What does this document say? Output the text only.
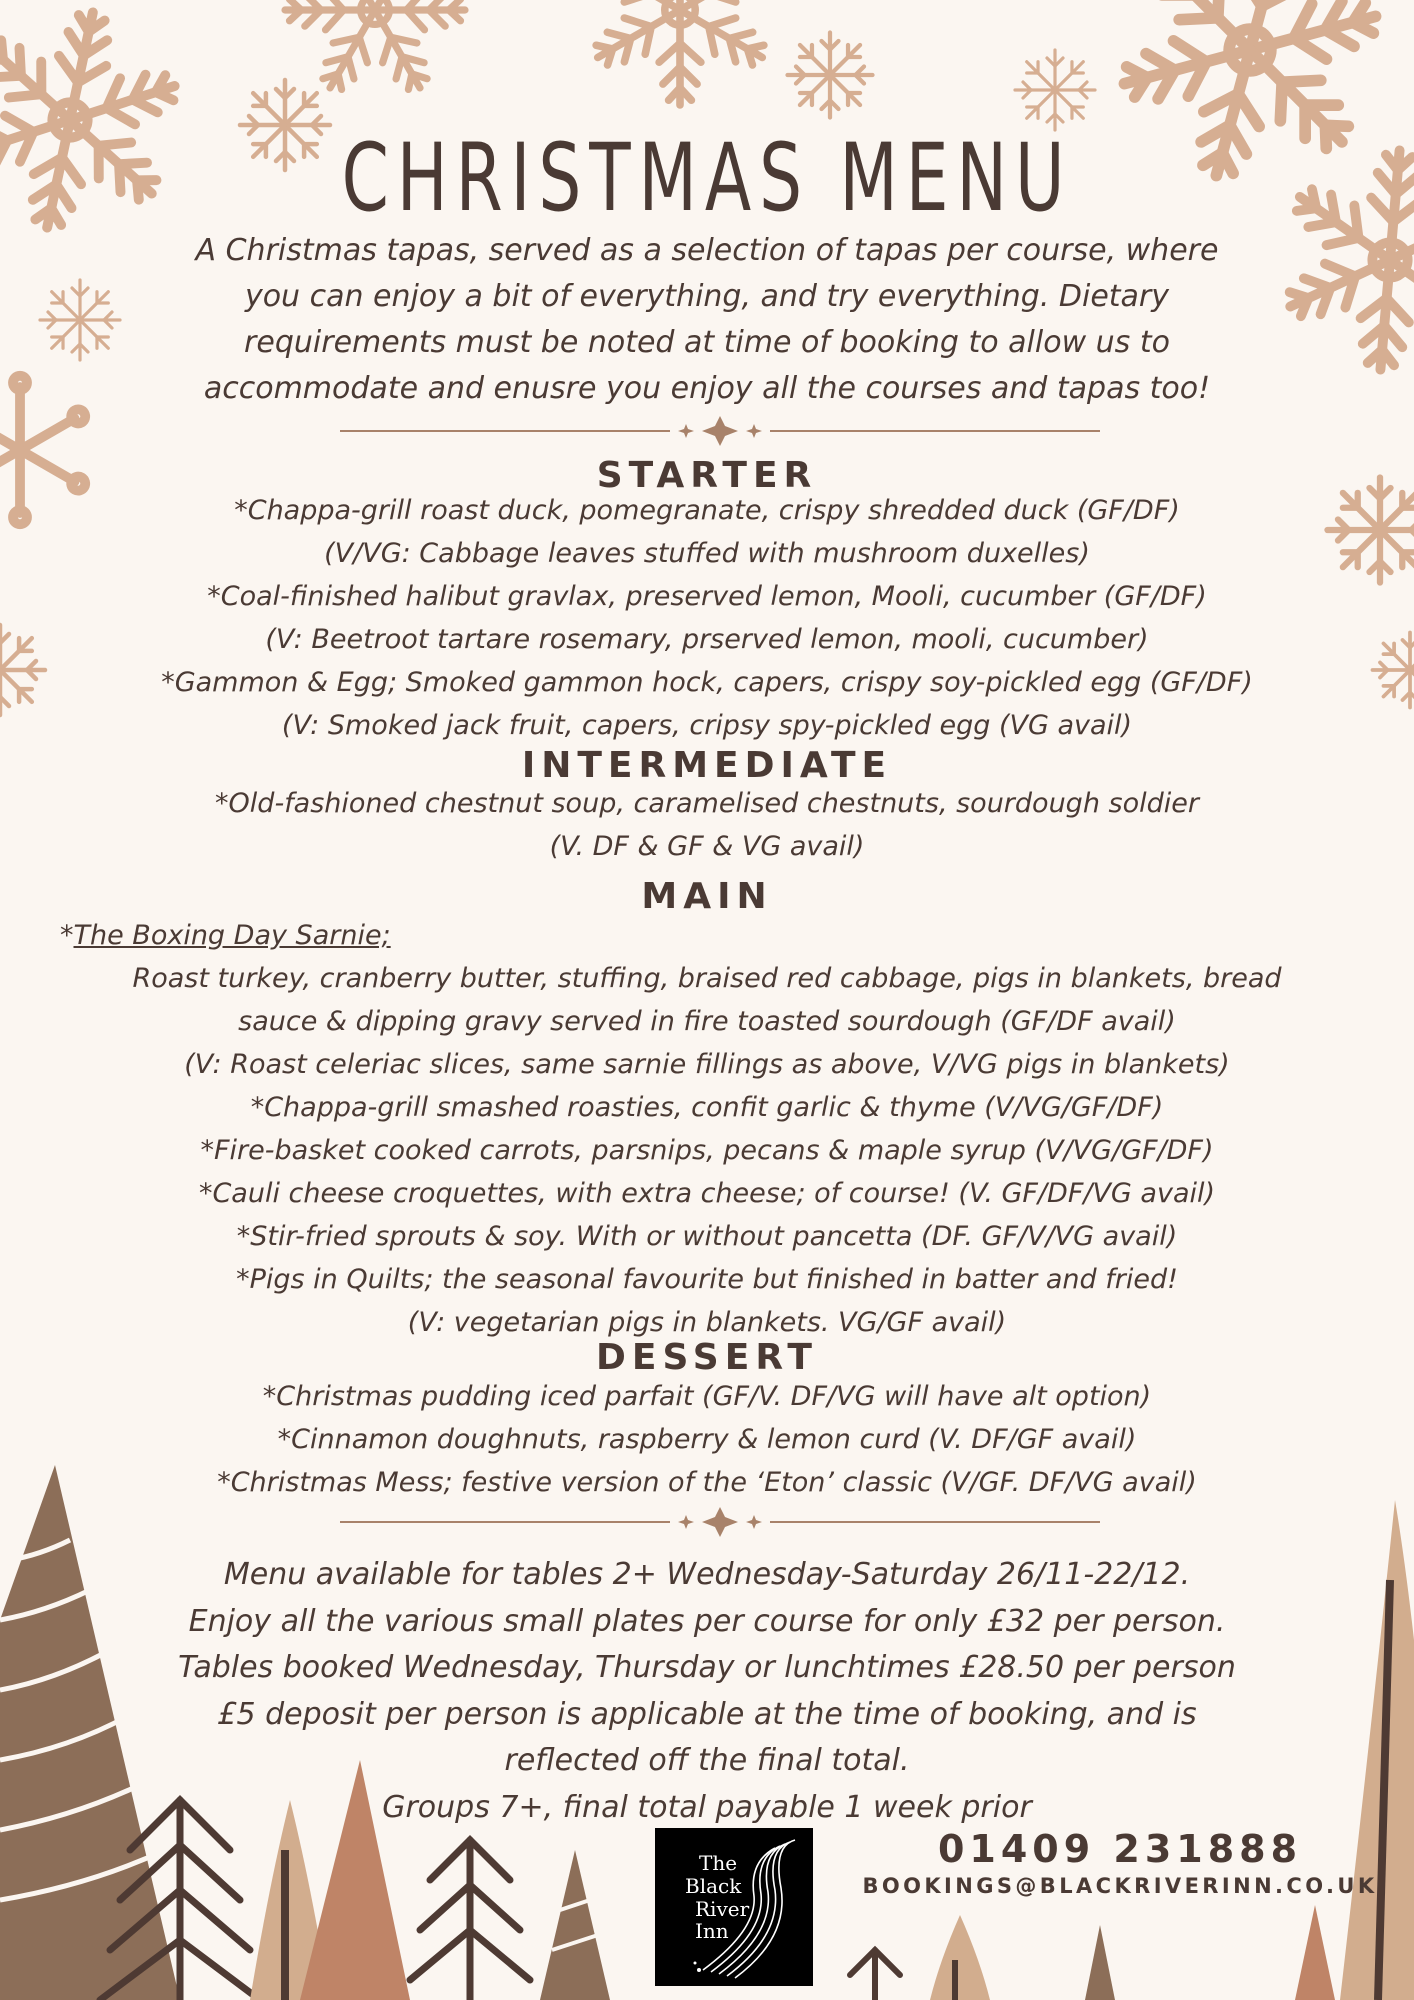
CHRISTMAS MENU
A Christmas tapas, served as a selection of tapas per course, where
you can enjoy a bit of everything, and try everything. Dietary
requirements must be noted at time of booking to allow us to
accommodate and enusre you enjoy all the courses and tapas too!
STARTER
*Chappa-grill roast duck, pomegranate, crispy shredded duck (GF/DF)
(V/VG: Cabbage leaves stuffed with mushroom duxelles)
*Coal-finished halibut gravlax, preserved lemon, Mooli, cucumber (GF/DF)
(V: Beetroot tartare rosemary, prserved lemon, mooli, cucumber)
*Gammon & Egg; Smoked gammon hock, capers, crispy soy-pickled egg (GF/DF)
(V: Smoked jack fruit, capers, cripsy spy-pickled egg (VG avail)
INTERMEDIATE
*Old-fashioned chestnut soup, caramelised chestnuts, sourdough soldier
(V. DF & GF & VG avail)
MAIN

*The Boxing Day Sarnie;

Roast turkey, cranberry butter, stuffing, braised red cabbage, pigs in blankets, bread
sauce & dipping gravy served in fire toasted sourdough (GF/DF avail)
(V: Roast celeriac slices, same sarnie fillings as above, V/VG pigs in blankets)
*Chappa-grill smashed roasties, confit garlic & thyme (V/VG/GF/DF)
*Fire-basket cooked carrots, parsnips, pecans & maple syrup (V/VG/GF/DF)
*Cauli cheese croquettes, with extra cheese; of course! (V. GF/DF/VG avail)
*Stir-fried sprouts & soy. With or without pancetta (DF. GF/V/VG avail)
*Pigs in Quilts; the seasonal favourite but finished in batter and fried!
(V: vegetarian pigs in blankets. VG/GF avail)
DESSERT
*Christmas pudding iced parfait (GF/V. DF/VG will have alt option)
*Cinnamon doughnuts, raspberry & lemon curd (V. DF/GF avail)
*Christmas Mess; festive version of the ‘Eton’ classic (V/GF. DF/VG avail)
Menu available for tables 2+ Wednesday-Saturday 26/11-22/12.
Enjoy all the various small plates per course for only £32 per person.
Tables booked Wednesday, Thursday or lunchtimes £28.50 per person
£5 deposit per person is applicable at the time of booking, and is
reflected off the final total.
Groups 7+, final total payable 1 week prior
The
Black
River
Inn

01409 231888

BOOKINGS@BLACKRIVERINN.CO.UK
